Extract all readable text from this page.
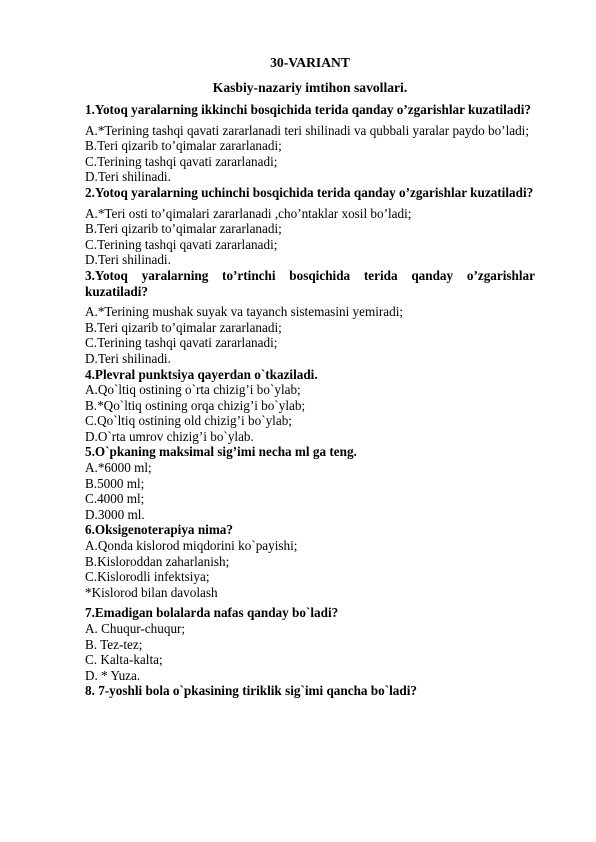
30-VARIANT
Kasbiy-nazariy imtihon savollari.
1.Yotoq yaralarning ikkinchi bosqichida terida qanday o’zgarishlar kuzatiladi?
A.*Terining tashqi qavati zararlanadi teri shilinadi va qubbali yaralar paydo bo’ladi;
B.Teri qizarib to’qimalar zararlanadi;
C.Terining tashqi qavati zararlanadi;
D.Teri shilinadi.
2.Yotoq yaralarning uchinchi bosqichida terida qanday o’zgarishlar kuzatiladi?
A.*Teri osti to’qimalari zararlanadi ,cho’ntaklar xosil bo’ladi;
B.Teri qizarib to’qimalar zararlanadi;
C.Terining tashqi qavati zararlanadi;
D.Teri shilinadi.
3.Yotoq yaralarning to’rtinchi bosqichida terida qanday o’zgarishlar kuzatiladi?
A.*Terining mushak suyak va tayanch sistemasini yemiradi;
B.Teri qizarib to’qimalar zararlanadi;
C.Terining tashqi qavati zararlanadi;
D.Teri shilinadi.
4.Plevral punktsiya qayerdan o`tkaziladi.
A.Qo`ltiq ostining o`rta chizig’i bo`ylab;
B.*Qo`ltiq ostining orqa chizig’i bo`ylab;
C.Qo`ltiq ostining old chizig’i bo`ylab;
D.O`rta umrov chizig’i bo`ylab.
5.O`pkaning maksimal sig’imi necha ml ga teng.
A.*6000 ml;
B.5000 ml;
C.4000 ml;
D.3000 ml.
6.Oksigenoterapiya nima?
A.Qonda kislorod miqdorini ko`payishi;
B.Kisloroddan zaharlanish;
C.Kislorodli infektsiya;
*Kislorod bilan davolash
7.Emadigan bolalarda nafas qanday bo`ladi?
A. Chuqur-chuqur;
B. Tez-tez;
C. Kalta-kalta;
D. * Yuza.
8. 7-yoshli bola o`pkasining tiriklik sig`imi qancha bo`ladi?
